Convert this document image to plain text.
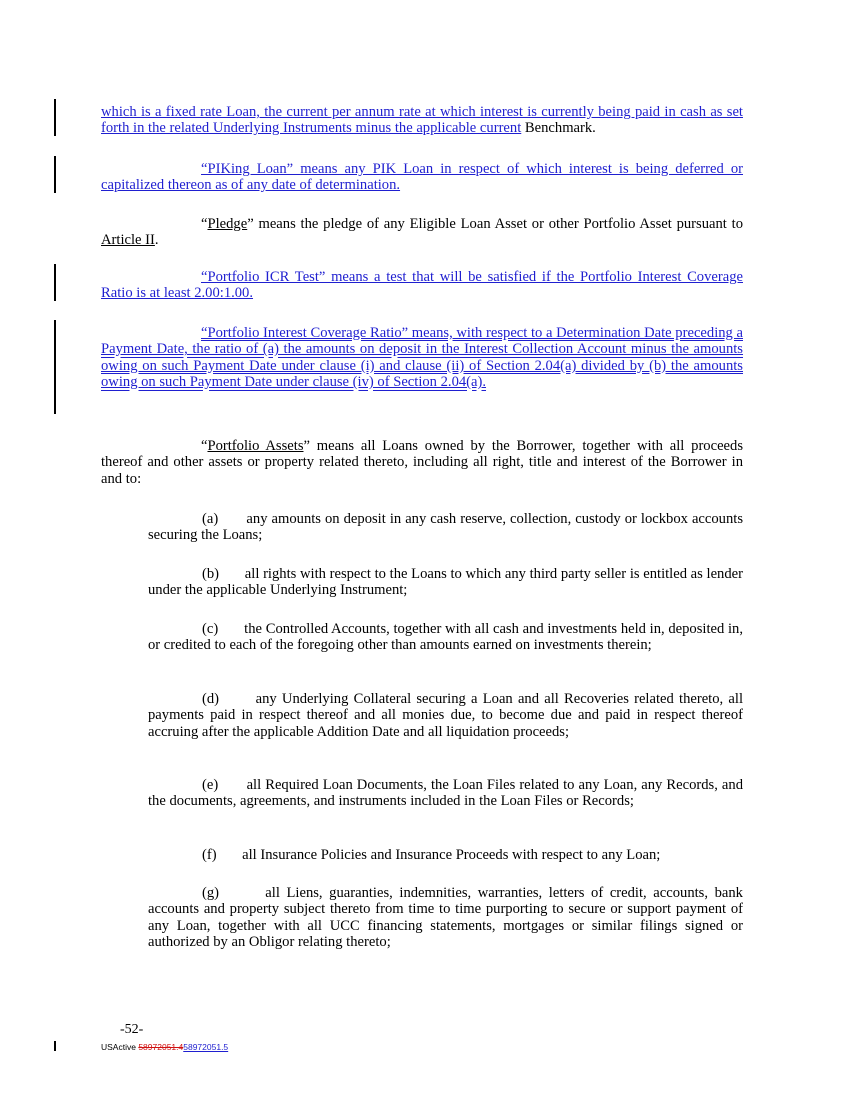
which is a fixed rate Loan, the current per annum rate at which interest is currently being paid in cash as set forth in the related Underlying Instruments minus the applicable current Benchmark.

“PIKing Loan” means any PIK Loan in respect of which interest is being deferred or capitalized thereon as of any date of determination.

“Pledge” means the pledge of any Eligible Loan Asset or other Portfolio Asset pursuant to Article II.

“Portfolio ICR Test” means a test that will be satisfied if the Portfolio Interest Coverage Ratio is at least 2.00:1.00.

“Portfolio Interest Coverage Ratio” means, with respect to a Determination Date preceding a Payment Date, the ratio of (a) the amounts on deposit in the Interest Collection Account minus the amounts owing on such Payment Date under clause (i) and clause (ii) of Section 2.04(a) divided by (b) the amounts owing on such Payment Date under clause (iv) of Section 2.04(a).

“Portfolio Assets” means all Loans owned by the Borrower, together with all proceeds thereof and other assets or property related thereto, including all right, title and interest of the Borrower in and to:

(a) any amounts on deposit in any cash reserve, collection, custody or lockbox accounts securing the Loans;

(b) all rights with respect to the Loans to which any third party seller is entitled as lender under the applicable Underlying Instrument;

(c) the Controlled Accounts, together with all cash and investments held in, deposited in, or credited to each of the foregoing other than amounts earned on investments therein;

(d)	any Underlying Collateral securing a Loan and all Recoveries related thereto, all payments paid in respect thereof and all monies due, to become due and paid in respect thereof accruing after the applicable Addition Date and all liquidation proceeds;

(e) all Required Loan Documents, the Loan Files related to any Loan, any Records, and the documents, agreements, and instruments included in the Loan Files or Records;

(f) all Insurance Policies and Insurance Proceeds with respect to any Loan;

(g)	all Liens, guaranties, indemnities, warranties, letters of credit, accounts, bank accounts and property subject thereto from time to time purporting to secure or support payment of any Loan, together with all UCC financing statements, mortgages or similar filings signed or authorized by an Obligor relating thereto;

-52-
USActive 58972051.458972051.5
